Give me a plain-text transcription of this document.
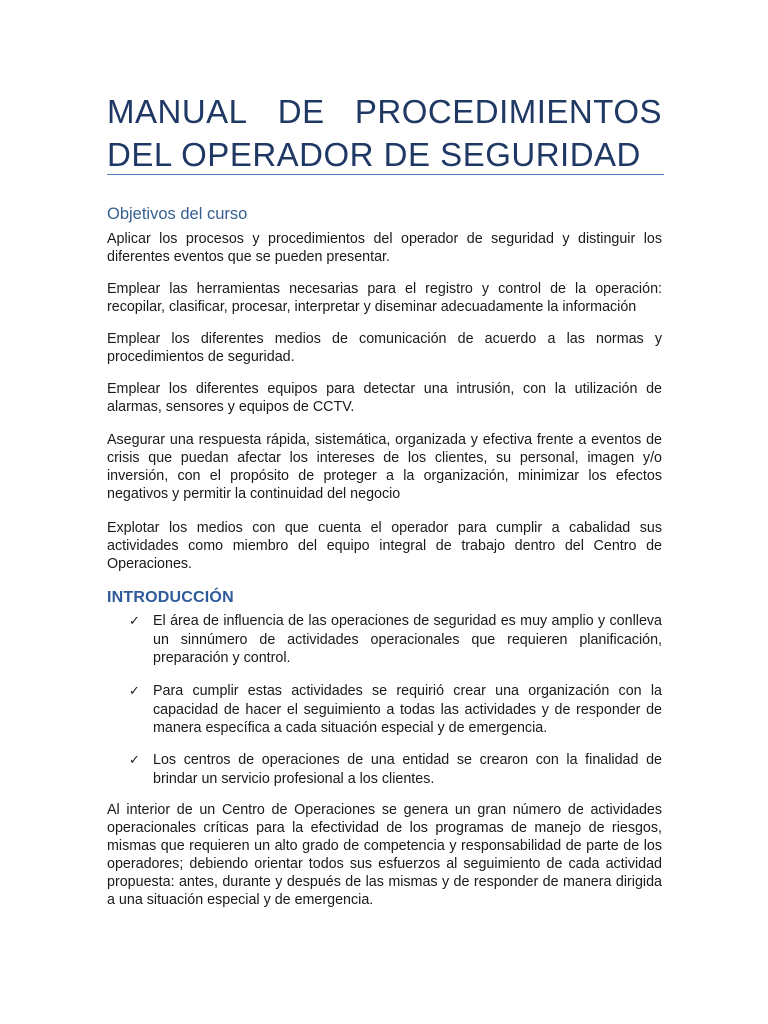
MANUAL DE PROCEDIMIENTOS
DEL OPERADOR DE SEGURIDAD
Objetivos del curso

Aplicar los procesos y procedimientos del operador de seguridad y distinguir los diferentes eventos que se pueden presentar.

Emplear las herramientas necesarias para el registro y control de la operación: recopilar, clasificar, procesar, interpretar y diseminar adecuadamente la información

Emplear los diferentes medios de comunicación de acuerdo a las normas y procedimientos de seguridad.

Emplear los diferentes equipos para detectar una intrusión, con la utilización de alarmas, sensores y equipos de CCTV.

Asegurar una respuesta rápida, sistemática, organizada y efectiva frente a eventos de crisis que puedan afectar los intereses de los clientes, su personal, imagen y/o inversión, con el propósito de proteger a la organización, minimizar los efectos negativos y permitir la continuidad del negocio

Explotar los medios con que cuenta el operador para cumplir a cabalidad sus actividades como miembro del equipo integral de trabajo dentro del Centro de Operaciones.

INTRODUCCIÓN
✓ El área de influencia de las operaciones de seguridad es muy amplio y conlleva un sinnúmero de actividades operacionales que requieren planificación, preparación y control.
✓ Para cumplir estas actividades se requirió crear una organización con la capacidad de hacer el seguimiento a todas las actividades y de responder de manera específica a cada situación especial y de emergencia.
✓ Los centros de operaciones de una entidad se crearon con la finalidad de brindar un servicio profesional a los clientes.

Al interior de un Centro de Operaciones se genera un gran número de actividades operacionales críticas para la efectividad de los programas de manejo de riesgos, mismas que requieren un alto grado de competencia y responsabilidad de parte de los operadores; debiendo orientar todos sus esfuerzos al seguimiento de cada actividad propuesta: antes, durante y después de las mismas y de responder de manera dirigida a una situación especial y de emergencia.
